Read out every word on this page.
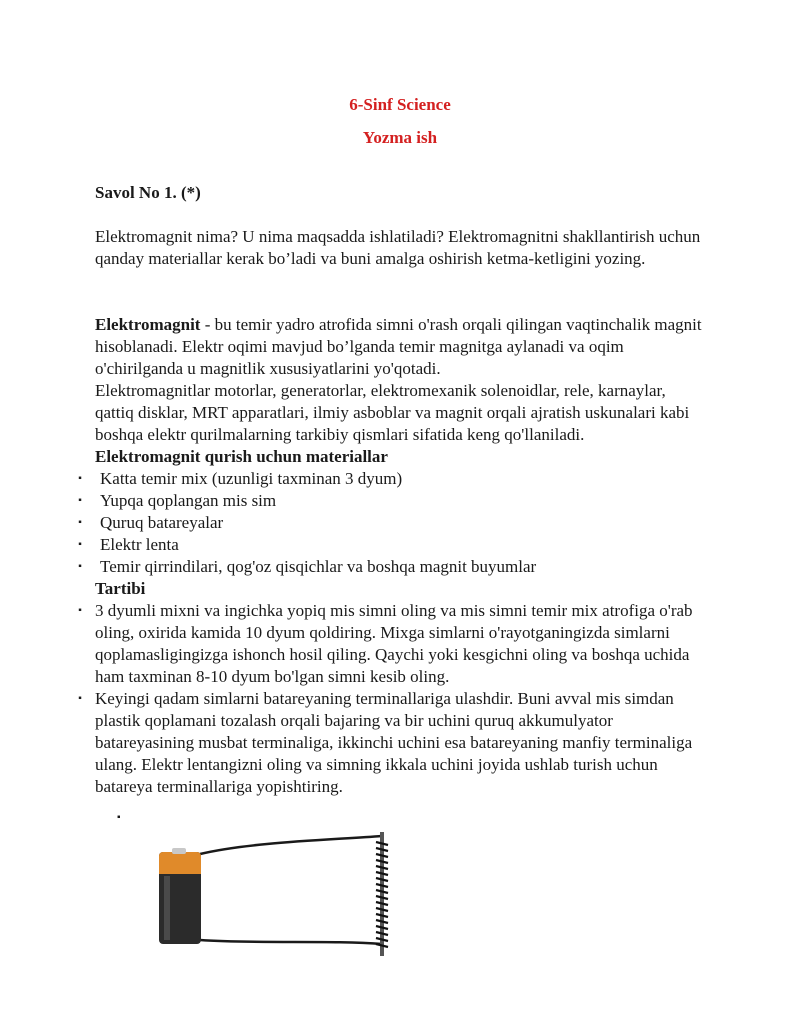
6-Sinf Science
Yozma ish
Savol No 1. (*)
Elektromagnit nima? U nima maqsadda ishlatiladi? Elektromagnitni shakllantirish uchun qanday materiallar kerak bo’ladi va buni amalga oshirish ketma-ketligini yozing.
Elektromagnit - bu temir yadro atrofida simni o'rash orqali qilingan vaqtinchalik magnit hisoblanadi. Elektr oqimi mavjud bo’lganda temir magnitga aylanadi va oqim o'chirilganda u magnitlik xususiyatlarini yo'qotadi.
Elektromagnitlar motorlar, generatorlar, elektromexanik solenoidlar, rele, karnaylar, qattiq disklar, MRT apparatlari, ilmiy asboblar va magnit orqali ajratish uskunalari kabi boshqa elektr qurilmalarning tarkibiy qismlari sifatida keng qo'llaniladi.
Elektromagnit qurish uchun materiallar
▪ Katta temir mix (uzunligi taxminan 3 dyum)
▪ Yupqa qoplangan mis sim
▪ Quruq batareyalar
▪ Elektr lenta
▪ Temir qirrindilari, qog'oz qisqichlar va boshqa magnit buyumlar
Tartibi
▪ 3 dyumli mixni va ingichka yopiq mis simni oling va mis simni temir mix atrofiga o'rab oling, oxirida kamida 10 dyum qoldiring. Mixga simlarni o'rayotganingizda simlarni qoplamasligingizga ishonch hosil qiling. Qaychi yoki kesgichni oling va boshqa uchida ham taxminan 8-10 dyum bo'lgan simni kesib oling.
▪ Keyingi qadam simlarni batareyaning terminallariga ulashdir. Buni avval mis simdan plastik qoplamani tozalash orqali bajaring va bir uchini quruq akkumulyator batareyasining musbat terminaliga, ikkinchi uchini esa batareyaning manfiy terminaliga ulang. Elektr lentangizni oling va simning ikkala uchini joyida ushlab turish uchun batareya terminallariga yopishtiring.
▪
